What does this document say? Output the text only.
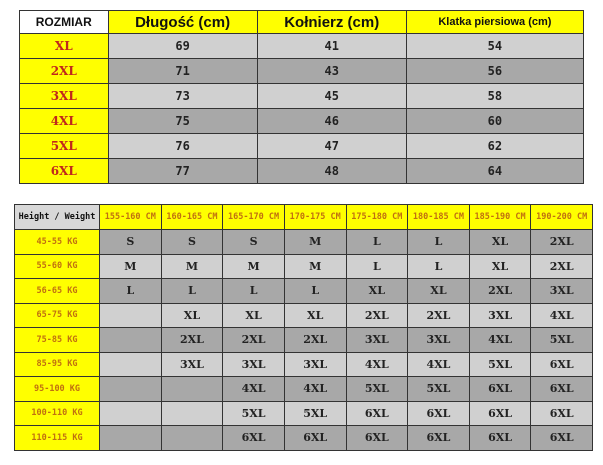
ROZMIAR	Długość (cm)	Kołnierz (cm)	Klatka piersiowa (cm)
XL	69	41	54
2XL	71	43	56
3XL	73	45	58
4XL	75	46	60
5XL	76	47	62
6XL	77	48	64
Height / Weight	155-160 CM	160-165 CM	165-170 CM	170-175 CM	175-180 CM	180-185 CM	185-190 CM	190-200 CM
45-55 KG	S	S	S	M	L	L	XL	2XL
55-60 KG	M	M	M	M	L	L	XL	2XL
56-65 KG	L	L	L	L	XL	XL	2XL	3XL
65-75 KG		XL	XL	XL	2XL	2XL	3XL	4XL
75-85 KG		2XL	2XL	2XL	3XL	3XL	4XL	5XL
85-95 KG		3XL	3XL	3XL	4XL	4XL	5XL	6XL
95-100 KG			4XL	4XL	5XL	5XL	6XL	6XL
100-110 KG			5XL	5XL	6XL	6XL	6XL	6XL
110-115 KG			6XL	6XL	6XL	6XL	6XL	6XL
